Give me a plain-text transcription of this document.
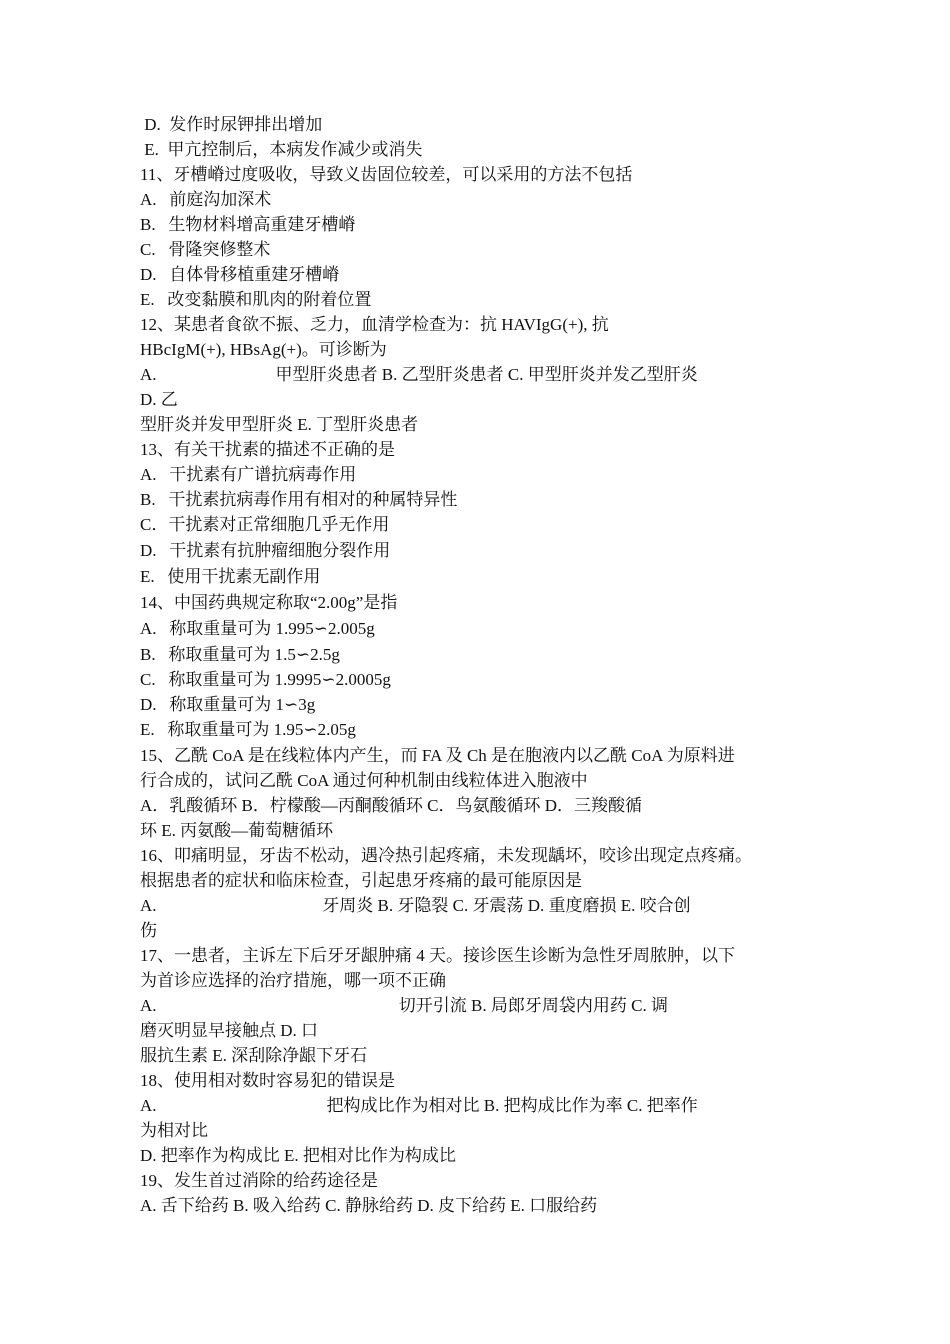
D.  发作时尿钾排出增加
E.  甲亢控制后，本病发作减少或消失
11、牙槽嵴过度吸收，导致义齿固位较差，可以采用的方法不包括
A.   前庭沟加深术
B.   生物材料增高重建牙槽嵴
C.   骨隆突修整术
D.   自体骨移植重建牙槽嵴
E.   改变黏膜和肌肉的附着位置
12、某患者食欲不振、乏力，血清学检查为：抗 HAVIgG(+), 抗
HBcIgM(+), HBsAg(+)。可诊断为
A.                            甲型肝炎患者 B. 乙型肝炎患者 C. 甲型肝炎并发乙型肝炎
D. 乙
型肝炎并发甲型肝炎 E. 丁型肝炎患者
13、有关干扰素的描述不正确的是
A.   干扰素有广谱抗病毒作用
B.   干扰素抗病毒作用有相对的种属特异性
C．干扰素对正常细胞几乎无作用
D.   干扰素有抗肿瘤细胞分裂作用
E.   使用干扰素无副作用
14、中国药典规定称取“2.00g”是指
A.   称取重量可为 1.995∽2.005g
B.   称取重量可为 1.5∽2.5g
C.   称取重量可为 1.9995∽2.0005g
D.   称取重量可为 1∽3g
E.   称取重量可为 1.95∽2.05g
15、乙酰 CoA 是在线粒体内产生，而 FA 及 Ch 是在胞液内以乙酰 CoA 为原料进
行合成的，试问乙酰 CoA 通过何种机制由线粒体进入胞液中
A．乳酸循环 B．柠檬酸—丙酮酸循环 C．鸟氨酸循环 D．三羧酸循
环 E. 丙氨酸—葡萄糖循环
16、叩痛明显，牙齿不松动，遇冷热引起疼痛，未发现龋坏，咬诊出现定点疼痛。
根据患者的症状和临床检查，引起患牙疼痛的最可能原因是
A.                                       牙周炎 B. 牙隐裂 C. 牙震荡 D. 重度磨损 E. 咬合创
伤
17、一患者，主诉左下后牙牙龈肿痛 4 天。接诊医生诊断为急性牙周脓肿，以下
为首诊应选择的治疗措施，哪一项不正确
A.                                                         切开引流 B. 局郎牙周袋内用药 C. 调
磨灭明显早接触点 D. 口
服抗生素 E. 深刮除净龈下牙石
18、使用相对数时容易犯的错误是
A.                                        把构成比作为相对比 B. 把构成比作为率 C. 把率作
为相对比
D. 把率作为构成比 E. 把相对比作为构成比
19、发生首过消除的给药途径是
A. 舌下给药 B. 吸入给药 C. 静脉给药 D. 皮下给药 E. 口服给药
